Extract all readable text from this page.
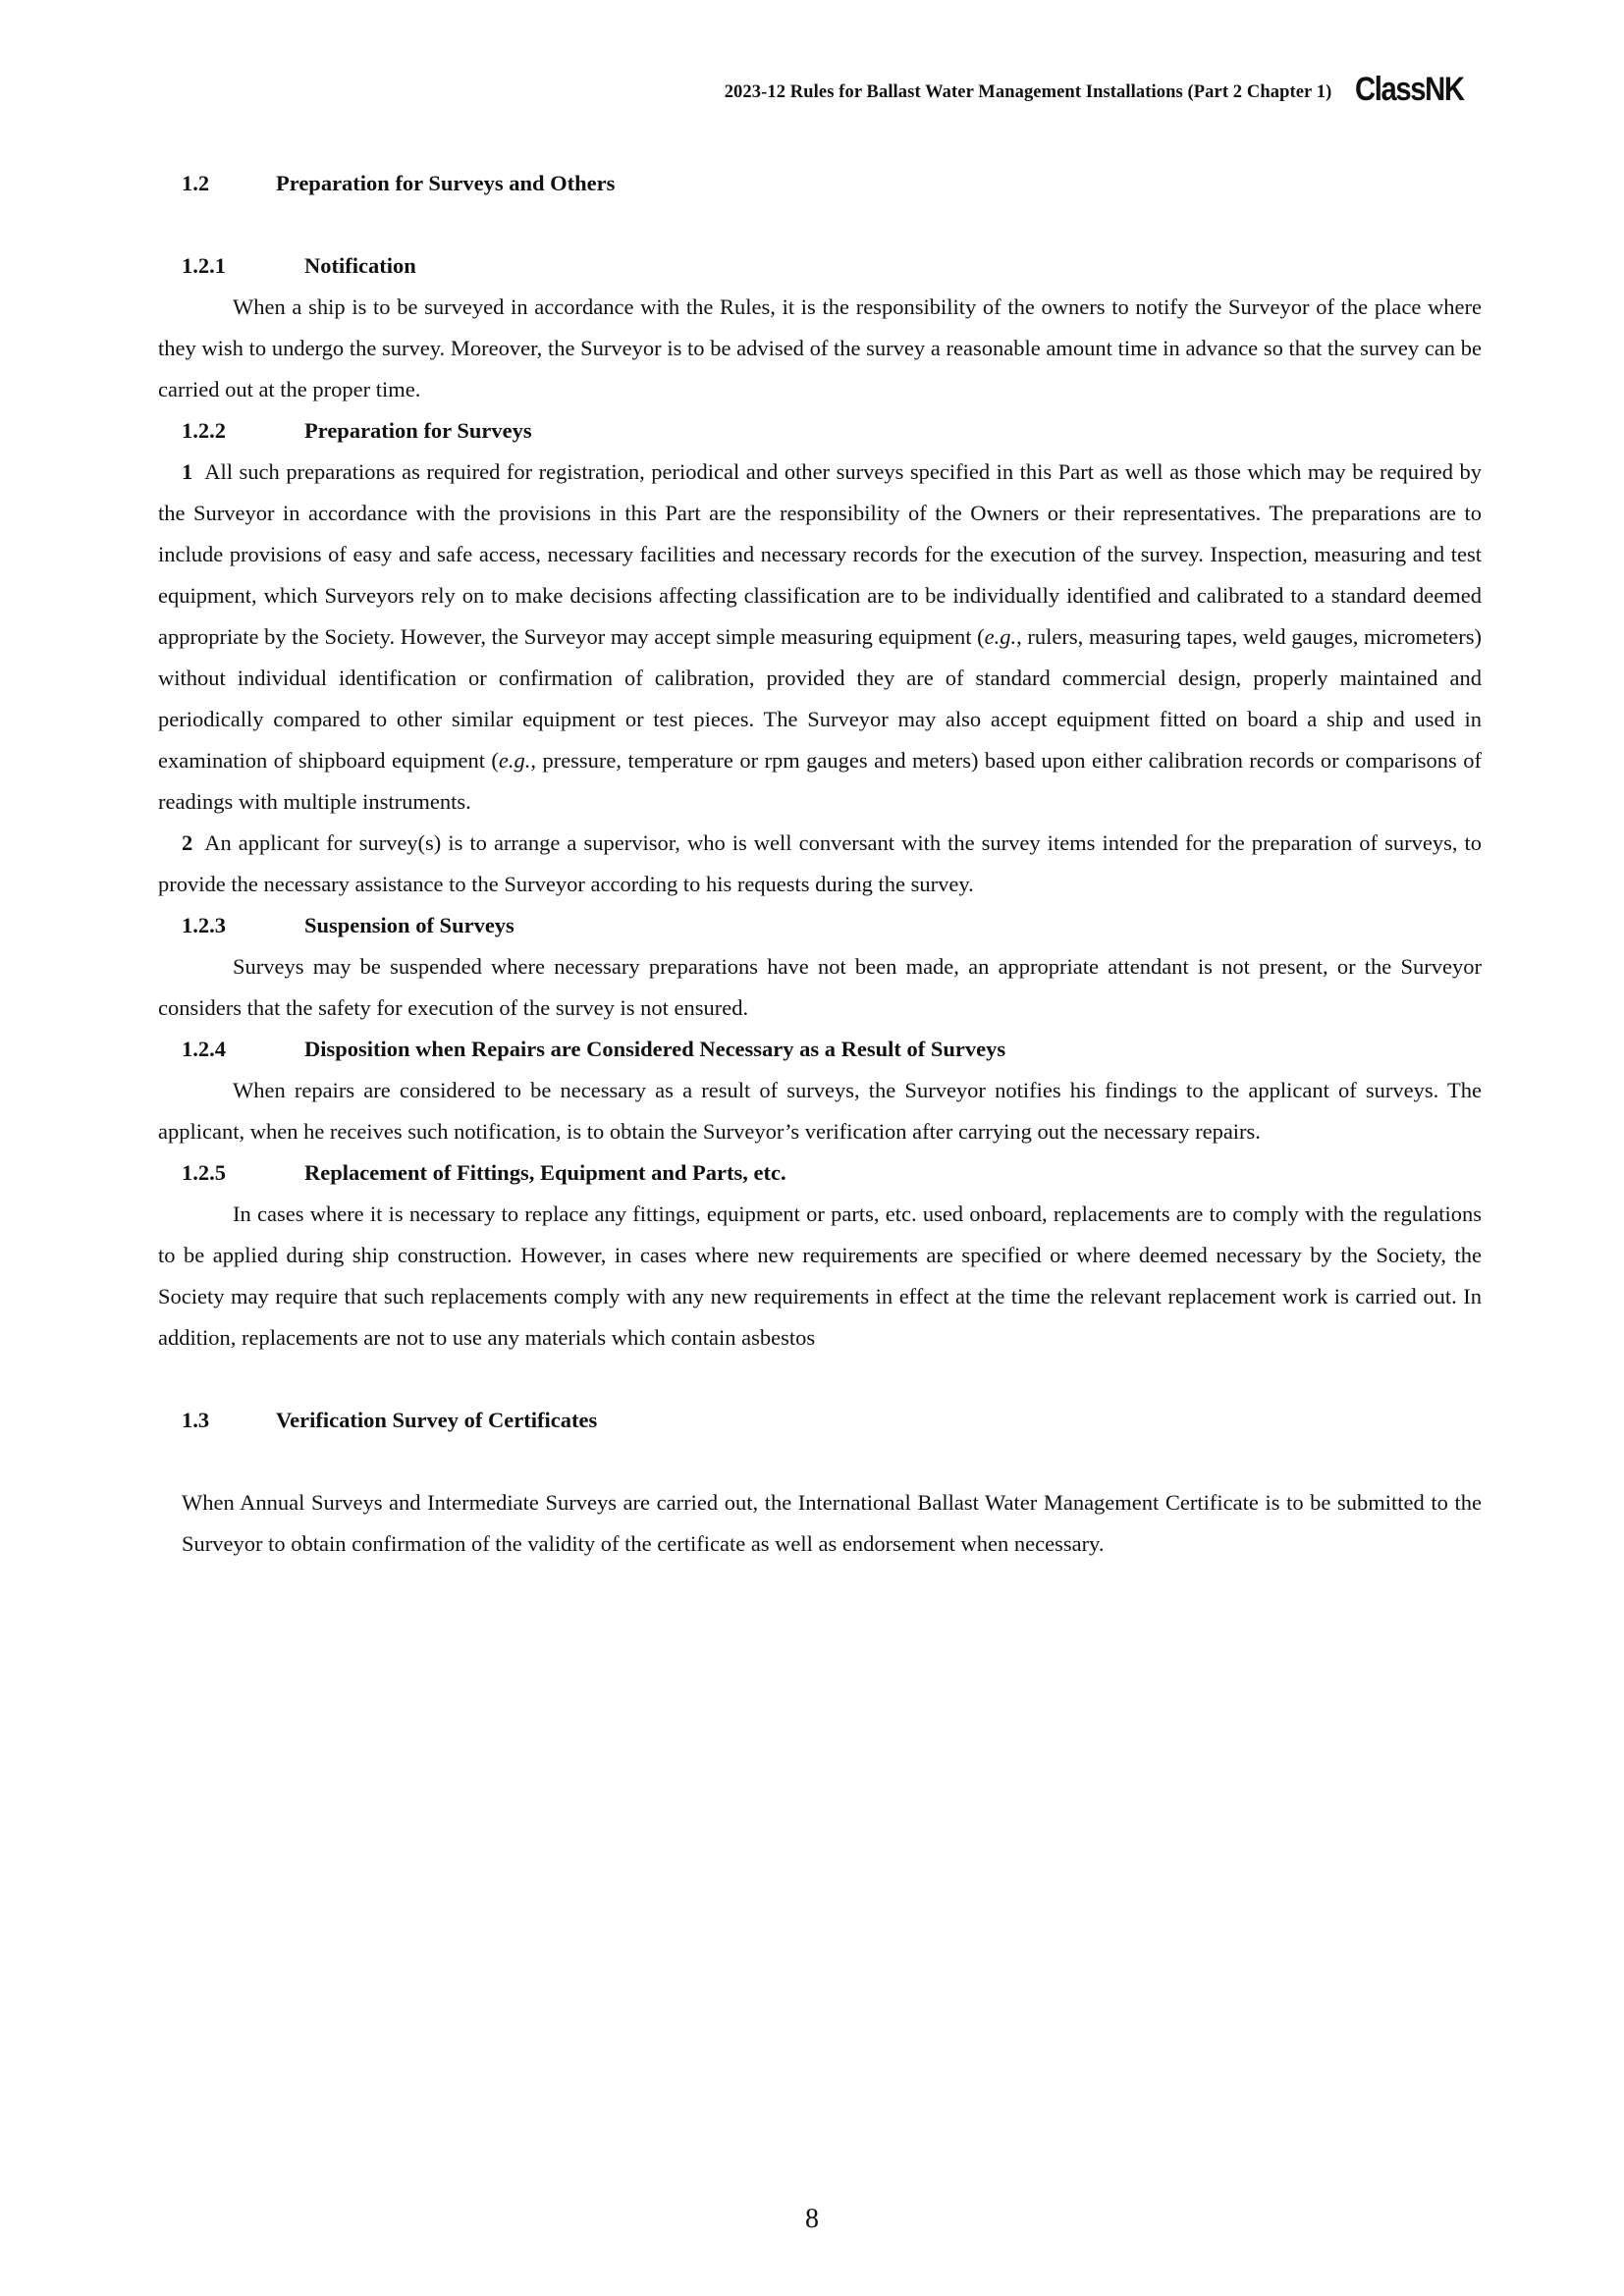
2023-12 Rules for Ballast Water Management Installations (Part 2 Chapter 1) ClassNK
1.2	Preparation for Surveys and Others
1.2.1	Notification

When a ship is to be surveyed in accordance with the Rules, it is the responsibility of the owners to notify the Surveyor of the place where they wish to undergo the survey. Moreover, the Surveyor is to be advised of the survey a reasonable amount time in advance so that the survey can be carried out at the proper time.

1.2.2	Preparation for Surveys

1 All such preparations as required for registration, periodical and other surveys specified in this Part as well as those which may be required by the Surveyor in accordance with the provisions in this Part are the responsibility of the Owners or their representatives. The preparations are to include provisions of easy and safe access, necessary facilities and necessary records for the execution of the survey. Inspection, measuring and test equipment, which Surveyors rely on to make decisions affecting classification are to be individually identified and calibrated to a standard deemed appropriate by the Society. However, the Surveyor may accept simple measuring equipment (e.g., rulers, measuring tapes, weld gauges, micrometers) without individual identification or confirmation of calibration, provided they are of standard commercial design, properly maintained and periodically compared to other similar equipment or test pieces. The Surveyor may also accept equipment fitted on board a ship and used in examination of shipboard equipment (e.g., pressure, temperature or rpm gauges and meters) based upon either calibration records or comparisons of readings with multiple instruments.

2 An applicant for survey(s) is to arrange a supervisor, who is well conversant with the survey items intended for the preparation of surveys, to provide the necessary assistance to the Surveyor according to his requests during the survey.

1.2.3	Suspension of Surveys

Surveys may be suspended where necessary preparations have not been made, an appropriate attendant is not present, or the Surveyor considers that the safety for execution of the survey is not ensured.

1.2.4	Disposition when Repairs are Considered Necessary as a Result of Surveys

When repairs are considered to be necessary as a result of surveys, the Surveyor notifies his findings to the applicant of surveys. The applicant, when he receives such notification, is to obtain the Surveyor’s verification after carrying out the necessary repairs.

1.2.5	Replacement of Fittings, Equipment and Parts, etc.

In cases where it is necessary to replace any fittings, equipment or parts, etc. used onboard, replacements are to comply with the regulations to be applied during ship construction. However, in cases where new requirements are specified or where deemed necessary by the Society, the Society may require that such replacements comply with any new requirements in effect at the time the relevant replacement work is carried out. In addition, replacements are not to use any materials which contain asbestos

1.3	Verification Survey of Certificates

When Annual Surveys and Intermediate Surveys are carried out, the International Ballast Water Management Certificate is to be submitted to the Surveyor to obtain confirmation of the validity of the certificate as well as endorsement when necessary.

8
